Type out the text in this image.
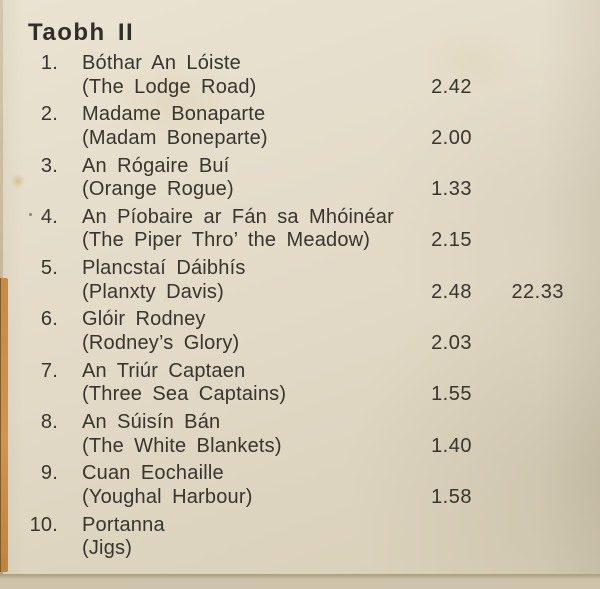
Taobh II
1. Bóthar An Lóiste
(The Lodge Road)	2.42
2. Madame Bonaparte
(Madam Boneparte)	2.00
3. An Rógaire Buí
(Orange Rogue)	1.33
4. An Píobaire ar Fán sa Mhóinéar
(The Piper Thro’ the Meadow)	2.15
5. Plancstaí Dáibhís
(Planxty Davis)	2.48	22.33
6. Glóir Rodney
(Rodney’s Glory)	2.03
7. An Triúr Captaen
(Three Sea Captains)	1.55
8. An Súisín Bán
(The White Blankets)	1.40
9. Cuan Eochaille
(Youghal Harbour)	1.58
10. Portanna
(Jigs)
